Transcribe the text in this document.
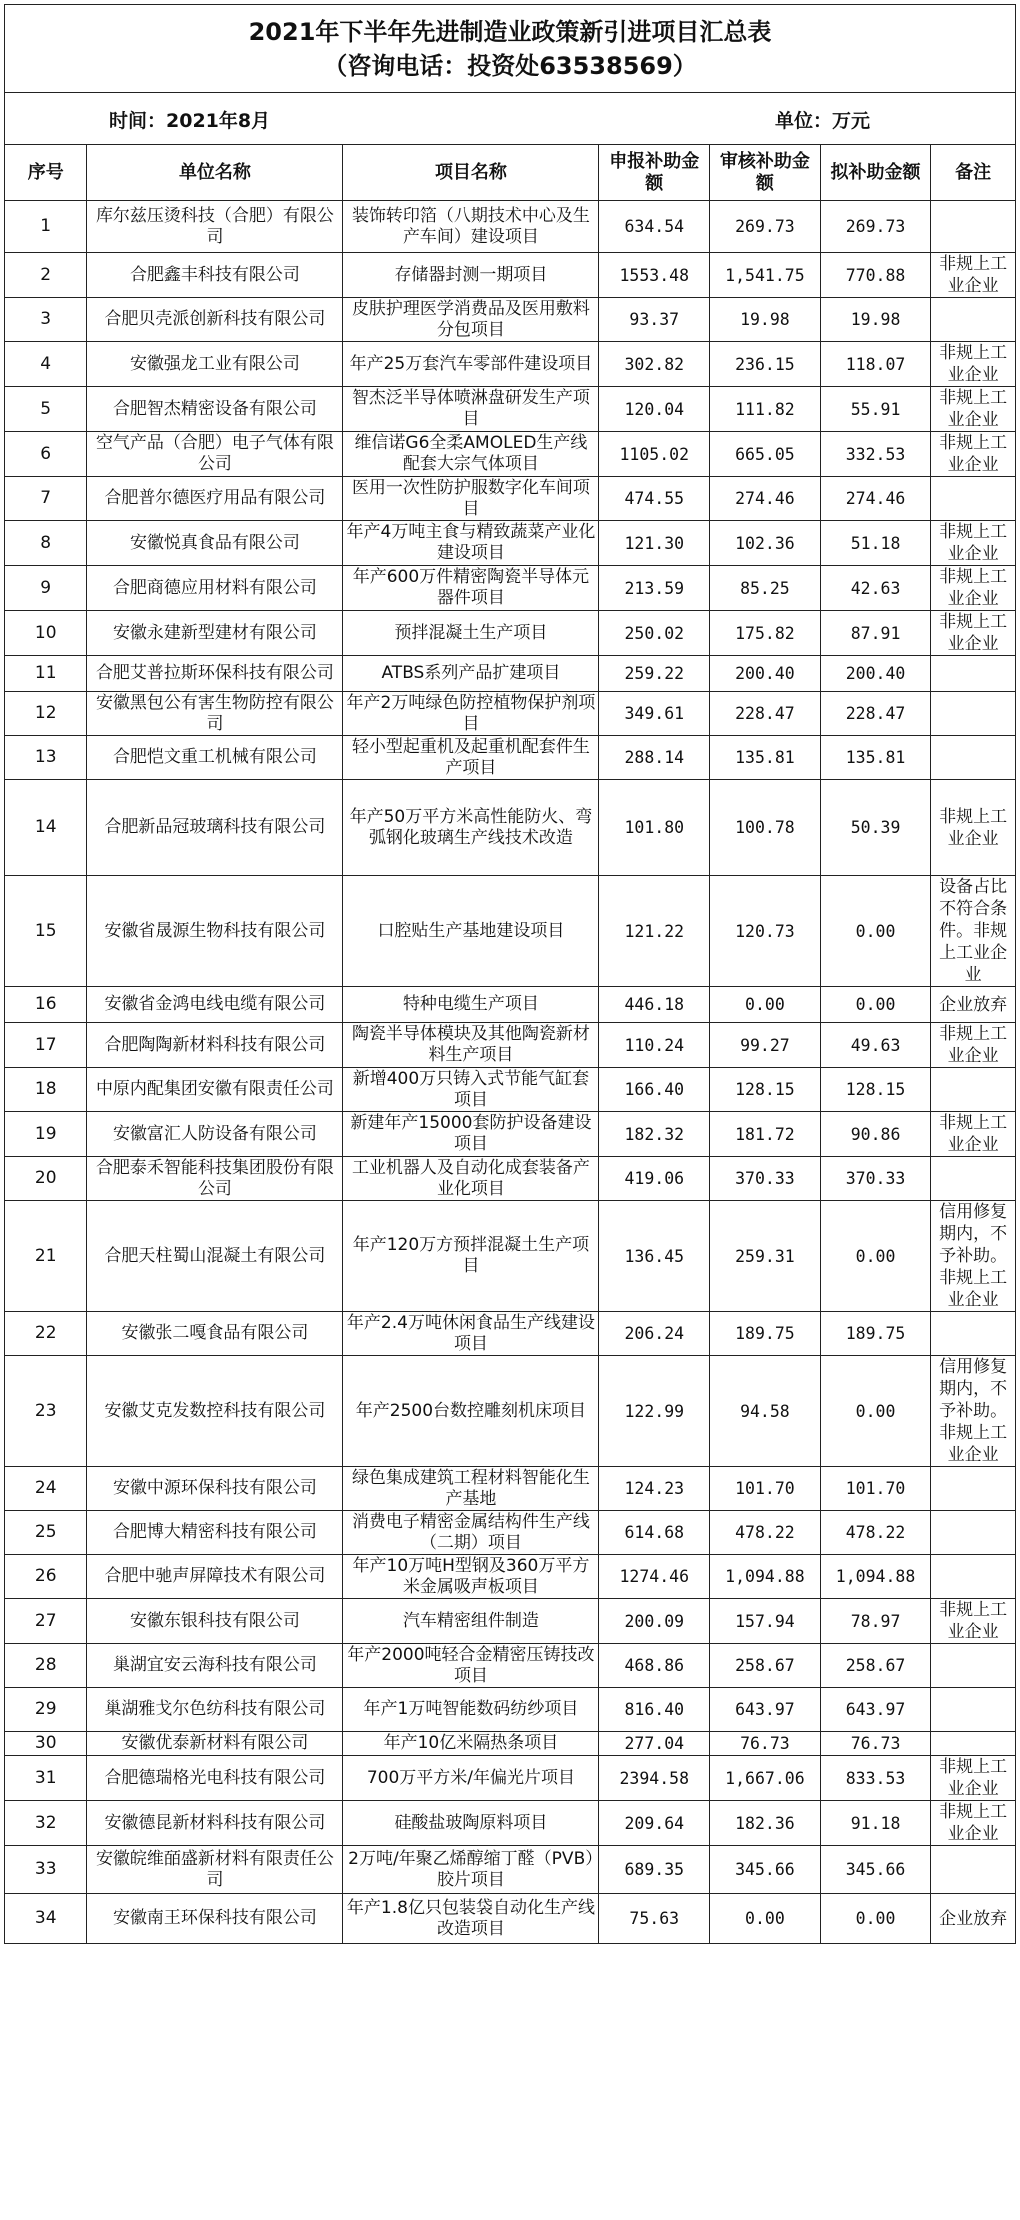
2021年下半年先进制造业政策新引进项目汇总表
（咨询电话：投资处63538569）
时间：2021年8月	单位：万元
序号	单位名称	项目名称	申报补助金额	审核补助金额	拟补助金额	备注
1	库尔兹压烫科技（合肥）有限公司	装饰转印箔（八期技术中心及生产车间）建设项目	634.54	269.73	269.73	
2	合肥鑫丰科技有限公司	存储器封测一期项目	1553.48	1,541.75	770.88	非规上工业企业
3	合肥贝壳派创新科技有限公司	皮肤护理医学消费品及医用敷料分包项目	93.37	19.98	19.98	
4	安徽强龙工业有限公司	年产25万套汽车零部件建设项目	302.82	236.15	118.07	非规上工业企业
5	合肥智杰精密设备有限公司	智杰泛半导体喷淋盘研发生产项目	120.04	111.82	55.91	非规上工业企业
6	空气产品（合肥）电子气体有限公司	维信诺G6全柔AMOLED生产线配套大宗气体项目	1105.02	665.05	332.53	非规上工业企业
7	合肥普尔德医疗用品有限公司	医用一次性防护服数字化车间项目	474.55	274.46	274.46	
8	安徽悦真食品有限公司	年产4万吨主食与精致蔬菜产业化建设项目	121.30	102.36	51.18	非规上工业企业
9	合肥商德应用材料有限公司	年产600万件精密陶瓷半导体元器件项目	213.59	85.25	42.63	非规上工业企业
10	安徽永建新型建材有限公司	预拌混凝土生产项目	250.02	175.82	87.91	非规上工业企业
11	合肥艾普拉斯环保科技有限公司	ATBS系列产品扩建项目	259.22	200.40	200.40	
12	安徽黑包公有害生物防控有限公司	年产2万吨绿色防控植物保护剂项目	349.61	228.47	228.47	
13	合肥恺文重工机械有限公司	轻小型起重机及起重机配套件生产项目	288.14	135.81	135.81	
14	合肥新品冠玻璃科技有限公司	年产50万平方米高性能防火、弯弧钢化玻璃生产线技术改造	101.80	100.78	50.39	非规上工业企业
15	安徽省晟源生物科技有限公司	口腔贴生产基地建设项目	121.22	120.73	0.00	设备占比不符合条件。非规上工业企业
16	安徽省金鸿电线电缆有限公司	特种电缆生产项目	446.18	0.00	0.00	企业放弃
17	合肥陶陶新材料科技有限公司	陶瓷半导体模块及其他陶瓷新材料生产项目	110.24	99.27	49.63	非规上工业企业
18	中原内配集团安徽有限责任公司	新增400万只铸入式节能气缸套项目	166.40	128.15	128.15	
19	安徽富汇人防设备有限公司	新建年产15000套防护设备建设项目	182.32	181.72	90.86	非规上工业企业
20	合肥泰禾智能科技集团股份有限公司	工业机器人及自动化成套装备产业化项目	419.06	370.33	370.33	
21	合肥天柱蜀山混凝土有限公司	年产120万方预拌混凝土生产项目	136.45	259.31	0.00	信用修复期内，不予补助。非规上工业企业
22	安徽张二嘎食品有限公司	年产2.4万吨休闲食品生产线建设项目	206.24	189.75	189.75	
23	安徽艾克发数控科技有限公司	年产2500台数控雕刻机床项目	122.99	94.58	0.00	信用修复期内，不予补助。非规上工业企业
24	安徽中源环保科技有限公司	绿色集成建筑工程材料智能化生产基地	124.23	101.70	101.70	
25	合肥博大精密科技有限公司	消费电子精密金属结构件生产线（二期）项目	614.68	478.22	478.22	
26	合肥中驰声屏障技术有限公司	年产10万吨H型钢及360万平方米金属吸声板项目	1274.46	1,094.88	1,094.88	
27	安徽东银科技有限公司	汽车精密组件制造	200.09	157.94	78.97	非规上工业企业
28	巢湖宜安云海科技有限公司	年产2000吨轻合金精密压铸技改项目	468.86	258.67	258.67	
29	巢湖雅戈尔色纺科技有限公司	年产1万吨智能数码纺纱项目	816.40	643.97	643.97	
30	安徽优泰新材料有限公司	年产10亿米隔热条项目	277.04	76.73	76.73	
31	合肥德瑞格光电科技有限公司	700万平方米/年偏光片项目	2394.58	1,667.06	833.53	非规上工业企业
32	安徽德昆新材料科技有限公司	硅酸盐玻陶原料项目	209.64	182.36	91.18	非规上工业企业
33	安徽皖维皕盛新材料有限责任公司	2万吨/年聚乙烯醇缩丁醛（PVB）胶片项目	689.35	345.66	345.66	
34	安徽南王环保科技有限公司	年产1.8亿只包装袋自动化生产线改造项目	75.63	0.00	0.00	企业放弃
